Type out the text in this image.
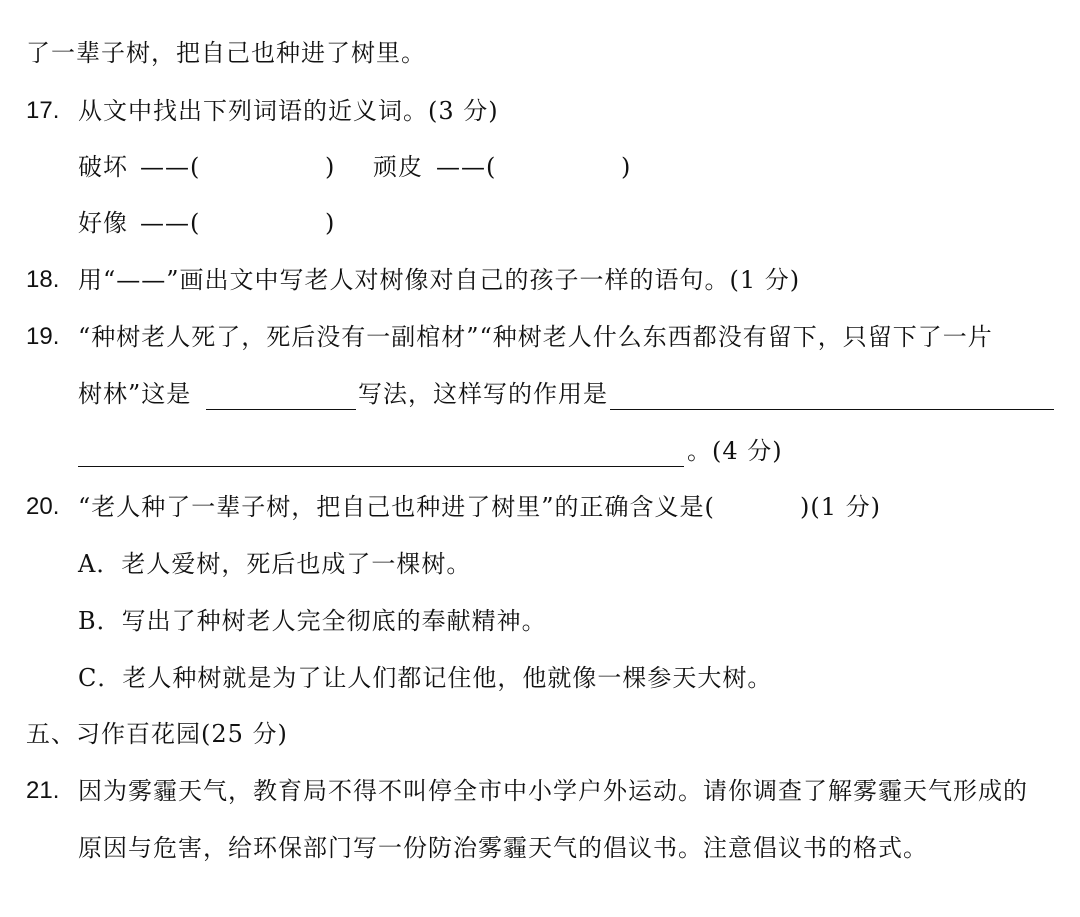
了一辈子树，把自己也种进了树里。
17. 从文中找出下列词语的近义词。(3 分)
破坏 ——(	) 顽皮 ——(	)
好像 ——(	)
18. 用“——”画出文中写老人对树像对自己的孩子一样的语句。(1 分)
19. “种树老人死了，死后没有一副棺材”“种树老人什么东西都没有留下，只留下了一片
树林”这是	写法，这样写的作用是
。(4 分)
20. “老人种了一辈子树，把自己也种进了树里”的正确含义是(	)(1 分)
A．老人爱树，死后也成了一棵树。
B．写出了种树老人完全彻底的奉献精神。
C．老人种树就是为了让人们都记住他，他就像一棵参天大树。
五、习作百花园(25 分)
21. 因为雾霾天气，教育局不得不叫停全市中小学户外运动。请你调查了解雾霾天气形成的
原因与危害，给环保部门写一份防治雾霾天气的倡议书。注意倡议书的格式。
